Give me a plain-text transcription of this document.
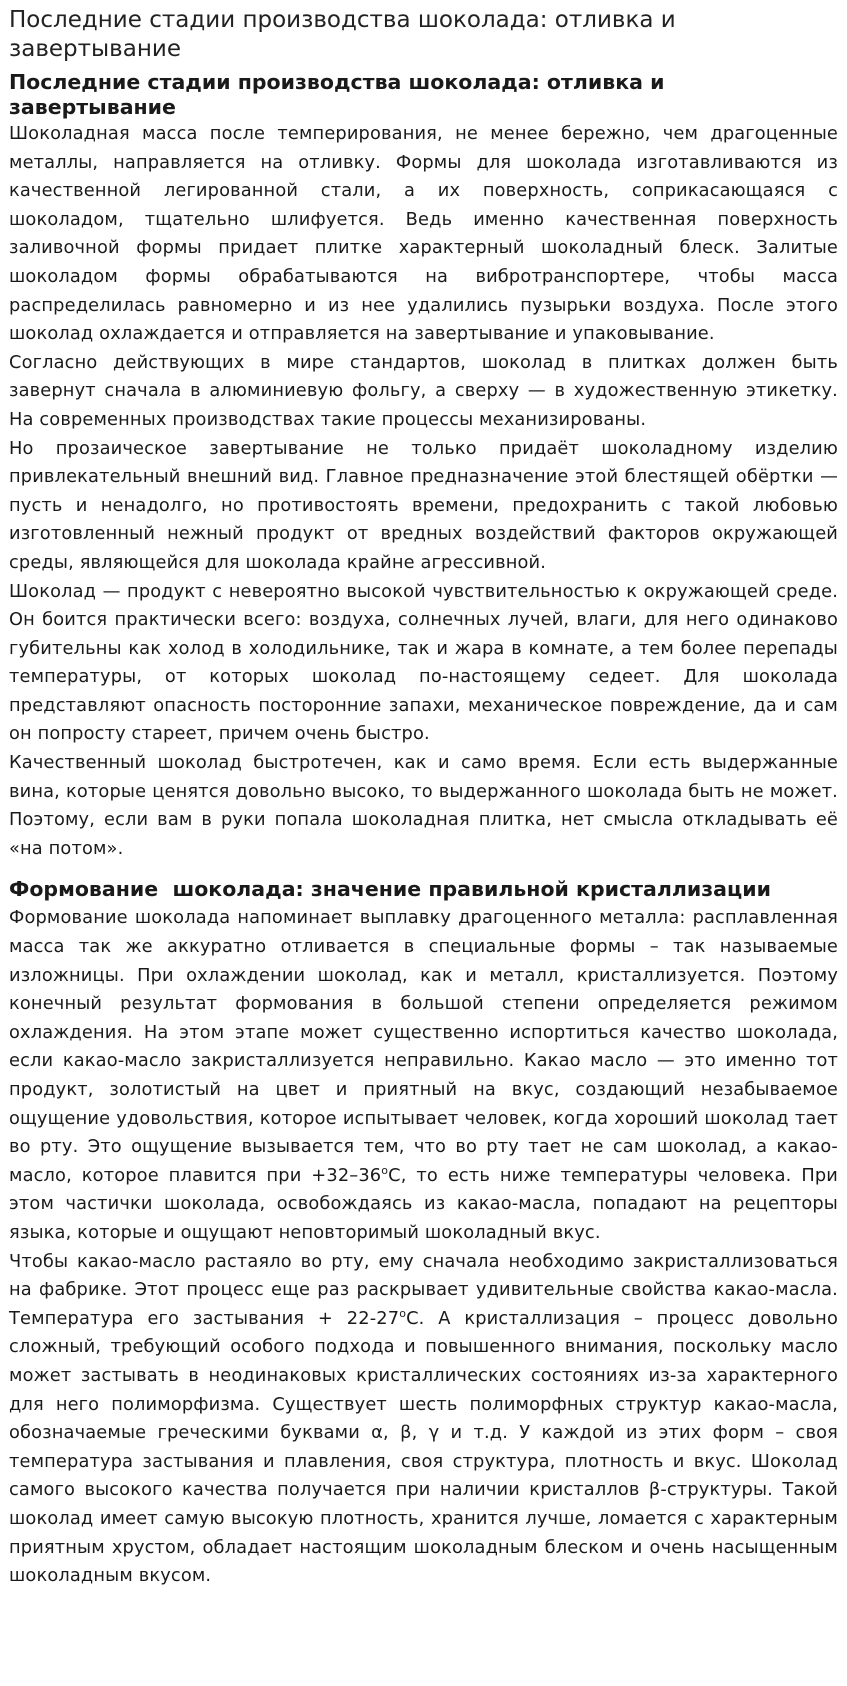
Последние стадии производства шоколада: отливка и завертывание
Последние стадии производства шоколада: отливка и завертывание

Шоколадная масса после темперирования, не менее бережно, чем драгоценные металлы, направляется на отливку. Формы для шоколада изготавливаются из качественной легированной стали, а их поверхность, соприкасающаяся с шоколадом, тщательно шлифуется. Ведь именно качественная поверхность заливочной формы придает плитке характерный шоколадный блеск. Залитые шоколадом формы обрабатываются на вибротранспортере, чтобы масса распределилась равномерно и из нее удалились пузырьки воздуха. После этого шоколад охлаждается и отправляется на завертывание и упаковывание.

Согласно действующих в мире стандартов, шоколад в плитках должен быть завернут сначала в алюминиевую фольгу, а сверху — в художественную этикетку. На современных производствах такие процессы механизированы.

Но прозаическое завертывание не только придаёт шоколадному изделию привлекательный внешний вид. Главное предназначение этой блестящей обёртки — пусть и ненадолго, но противостоять времени, предохранить с такой любовью изготовленный нежный продукт от вредных воздействий факторов окружающей среды, являющейся для шоколада крайне агрессивной.

Шоколад — продукт с невероятно высокой чувствительностью к окружающей среде. Он боится практически всего: воздуха, солнечных лучей, влаги, для него одинаково губительны как холод в холодильнике, так и жара в комнате, а тем более перепады температуры, от которых шоколад по-настоящему седеет. Для шоколада представляют опасность посторонние запахи, механическое повреждение, да и сам он попросту стареет, причем очень быстро.

Качественный шоколад быстротечен, как и само время. Если есть выдержанные вина, которые ценятся довольно высоко, то выдержанного шоколада быть не может. Поэтому, если вам в руки попала шоколадная плитка, нет смысла откладывать её «на потом».

Формование  шоколада: значение правильной кристаллизации

Формование шоколада напоминает выплавку драгоценного металла: расплавленная масса так же аккуратно отливается в специальные формы – так называемые изложницы. При охлаждении шоколад, как и металл, кристаллизуется. Поэтому конечный результат формования в большой степени определяется режимом охлаждения. На этом этапе может существенно испортиться качество шоколада, если какао-масло закристаллизуется неправильно. Какао масло — это именно тот продукт, золотистый на цвет и приятный на вкус, создающий незабываемое ощущение удовольствия, которое испытывает человек, когда хороший шоколад тает во рту. Это ощущение вызывается тем, что во рту тает не сам шоколад, а какао-масло, которое плавится при $+32-36^оС$, то есть ниже температуры человека. При этом частички шоколада, освобождаясь из какао-масла, попадают на рецепторы языка, которые и ощущают неповторимый шоколадный вкус.

Чтобы какао-масло растаяло во рту, ему сначала необходимо закристаллизоваться на фабрике. Этот процесс еще раз раскрывает удивительные свойства какао-масла. Температура его застывания + $22-27^оС$. А кристаллизация – процесс довольно сложный, требующий особого подхода и повышенного внимания, поскольку масло может застывать в неодинаковых кристаллических состояниях из-за характерного для него полиморфизма. Существует шесть полиморфных структур какао-масла, обозначаемые греческими буквами α, β, γ и т.д. У каждой из этих форм – своя температура застывания и плавления, своя структура, плотность и вкус. Шоколад самого высокого качества получается при наличии кристаллов β-структуры. Такой шоколад имеет самую высокую плотность, хранится лучше, ломается с характерным приятным хрустом, обладает настоящим шоколадным блеском и очень насыщенным шоколадным вкусом.
